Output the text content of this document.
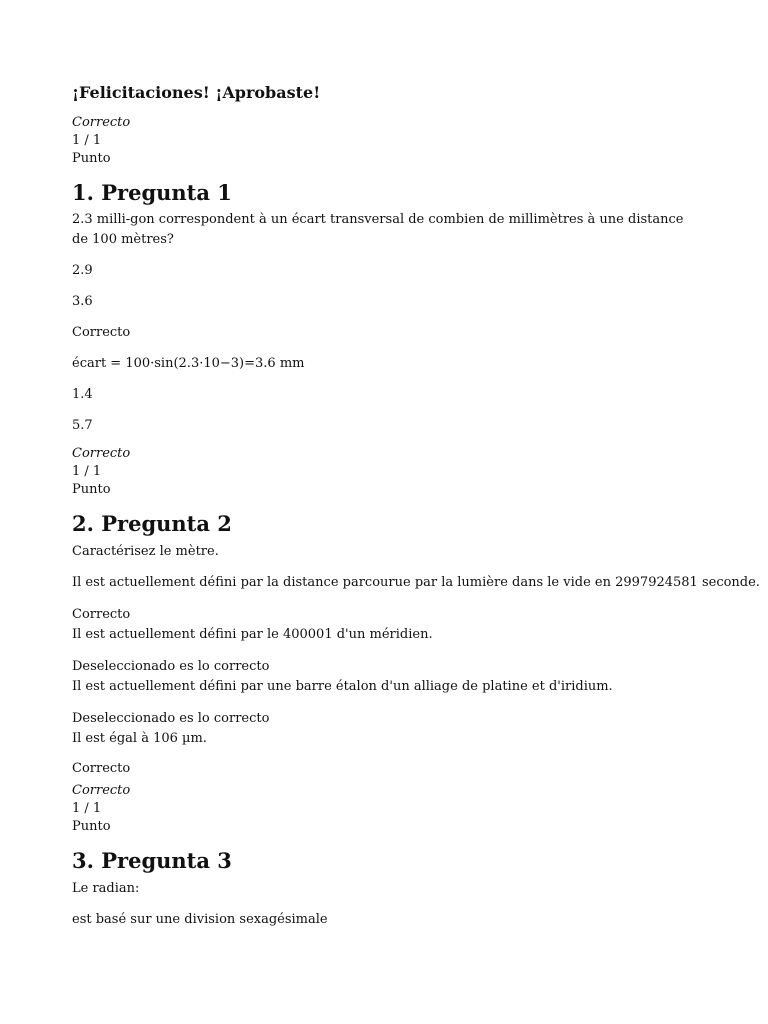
¡Felicitaciones! ¡Aprobaste!
Correcto
1 / 1
Punto
1. Pregunta 1
2.3 milli-gon correspondent à un écart transversal de combien de millimètres à une distance
de 100 mètres?
2.9
3.6
Correcto
écart = 100·sin(2.3·10−3)=3.6 mm
1.4
5.7
Correcto
1 / 1
Punto
2. Pregunta 2
Caractérisez le mètre.
Il est actuellement défini par la distance parcourue par la lumière dans le vide en 2997924581 seconde.
Correcto
Il est actuellement défini par le 400001 d'un méridien.
Deseleccionado es lo correcto
Il est actuellement défini par une barre étalon d'un alliage de platine et d'iridium.
Deseleccionado es lo correcto
Il est égal à 106 µm.
Correcto
Correcto
1 / 1
Punto
3. Pregunta 3
Le radian:
est basé sur une division sexagésimale
